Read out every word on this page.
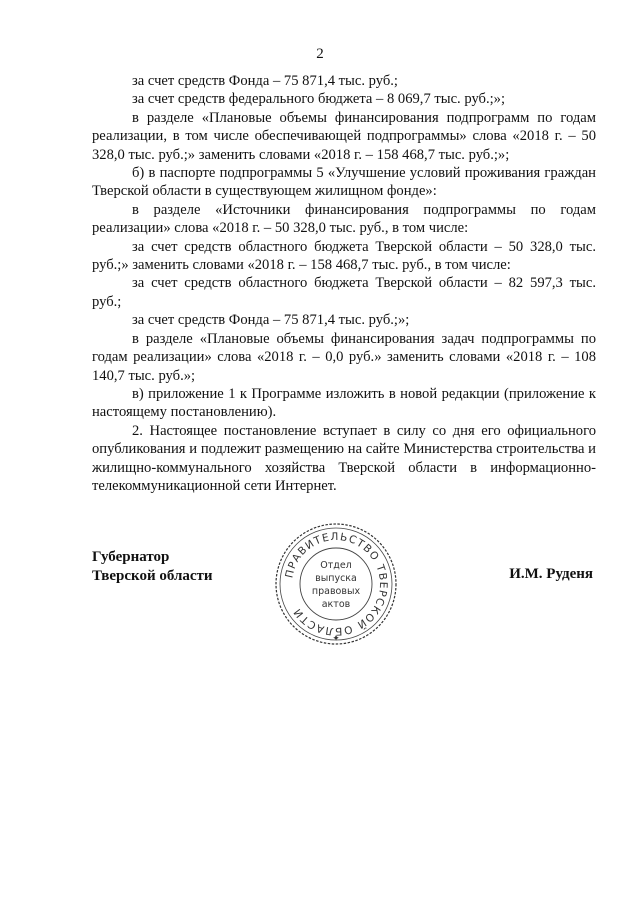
2

за счет средств Фонда – 75 871,4 тыс. руб.;

за счет средств федерального бюджета – 8 069,7 тыс. руб.;»;

в разделе «Плановые объемы финансирования подпрограмм по годам реализации, в том числе обеспечивающей подпрограммы» слова «2018 г. – 50 328,0 тыс. руб.;» заменить словами «2018 г. – 158 468,7 тыс. руб.;»;

б) в паспорте подпрограммы 5 «Улучшение условий проживания граждан Тверской области в существующем жилищном фонде»:

в разделе «Источники финансирования подпрограммы по годам реализации» слова «2018 г. – 50 328,0 тыс. руб., в том числе:

за счет средств областного бюджета Тверской области – 50 328,0 тыс. руб.;» заменить словами «2018 г. – 158 468,7 тыс. руб., в том числе:

за счет средств областного бюджета Тверской области – 82 597,3 тыс. руб.;

за счет средств Фонда – 75 871,4 тыс. руб.;»;

в разделе «Плановые объемы финансирования задач подпрограммы по годам реализации» слова «2018 г. – 0,0 руб.» заменить словами «2018 г. – 108 140,7 тыс. руб.»;

в) приложение 1 к Программе изложить в новой редакции (приложение к настоящему постановлению).

2. Настоящее постановление вступает в силу со дня его официального опубликования и подлежит размещению на сайте Министерства строительства и жилищно-коммунального хозяйства Тверской области в информационно-телекоммуникационной сети Интернет.

Губернатор
Тверской области	И.М. Руденя
ПРАВИТЕЛЬСТВО ТВЕРСКОЙ ОБЛАСТИ
✦
Отдел
выпуска
правовых
актов
